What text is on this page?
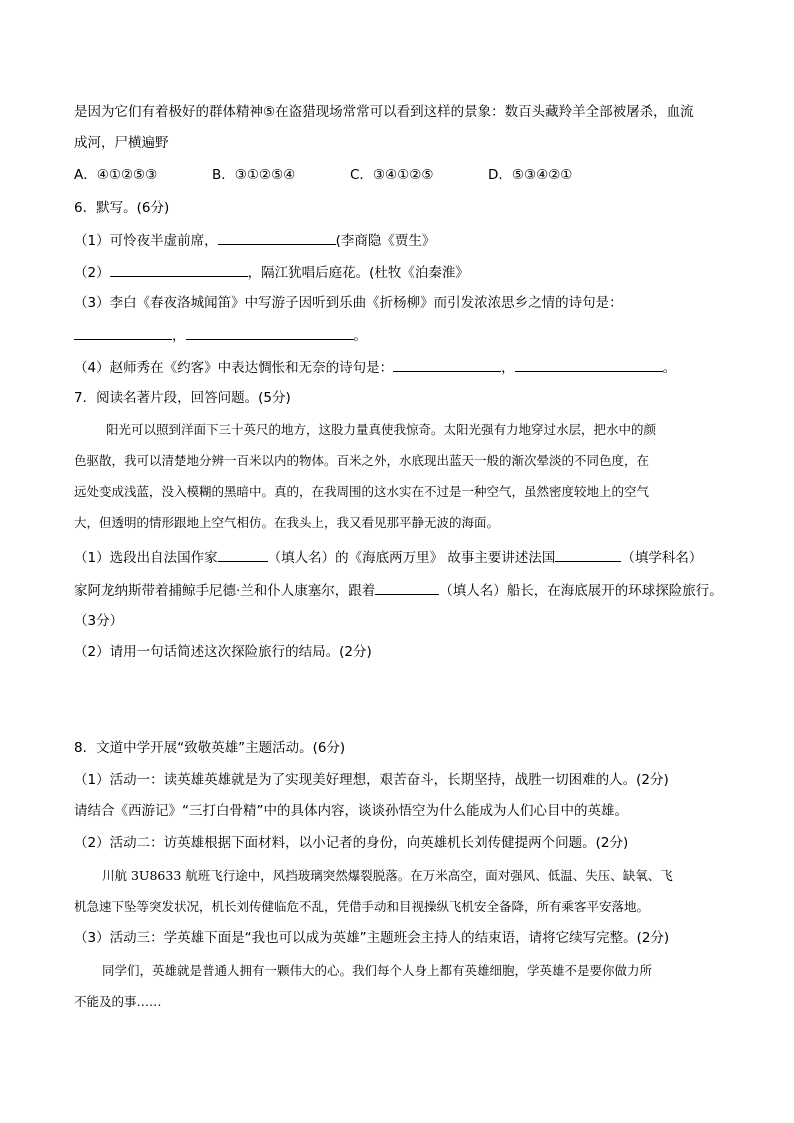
是因为它们有着极好的群体精神⑤在盗猎现场常常可以看到这样的景象：数百头藏羚羊全部被屠杀，血流
成河，尸横遍野
A．④①②⑤③	B．③①②⑤④	C．③④①②⑤	D．⑤③④②①
6．默写。(6分)
（1）可怜夜半虚前席，	(李商隐《贾生》
（2）	，隔江犹唱后庭花。(杜牧《泊秦淮》
（3）李白《春夜洛城闻笛》中写游子因听到乐曲《折杨柳》而引发浓浓思乡之情的诗句是：
，	。
（4）赵师秀在《约客》中表达惆怅和无奈的诗句是：	，	。
7．阅读名著片段，回答问题。(5分)
阳光可以照到洋面下三十英尺的地方，这股力量真使我惊奇。太阳光强有力地穿过水层，把水中的颜
色驱散，我可以清楚地分辨一百米以内的物体。百米之外，水底现出蓝天一般的渐次晕淡的不同色度，在
远处变成浅蓝，没入模糊的黑暗中。真的，在我周围的这水实在不过是一种空气，虽然密度较地上的空气
大，但透明的情形跟地上空气相仿。在我头上，我又看见那平静无波的海面。
（1）选段出自法国作家	（填人名）的《海底两万里》 故事主要讲述法国	（填学科名）
家阿龙纳斯带着捕鲸手尼德·兰和仆人康塞尔，跟着	（填人名）船长，在海底展开的环球探险旅行。
（3分）
（2）请用一句话简述这次探险旅行的结局。(2分)
8．文道中学开展“致敬英雄”主题活动。(6分)
（1）活动一：读英雄英雄就是为了实现美好理想，艰苦奋斗，长期坚持，战胜一切困难的人。(2分)
请结合《西游记》“三打白骨精”中的具体内容，谈谈孙悟空为什么能成为人们心目中的英雄。
（2）活动二：访英雄根据下面材料，以小记者的身份，向英雄机长刘传健提两个问题。(2分)
川航 3U8633 航班飞行途中，风挡玻璃突然爆裂脱落。在万米高空，面对强风、低温、失压、缺氧、飞
机急速下坠等突发状况，机长刘传健临危不乱，凭借手动和目视操纵飞机安全备降，所有乘客平安落地。
（3）活动三：学英雄下面是“我也可以成为英雄”主题班会主持人的结束语，请将它续写完整。(2分)
同学们，英雄就是普通人拥有一颗伟大的心。我们每个人身上都有英雄细胞，学英雄不是要你做力所
不能及的事……
